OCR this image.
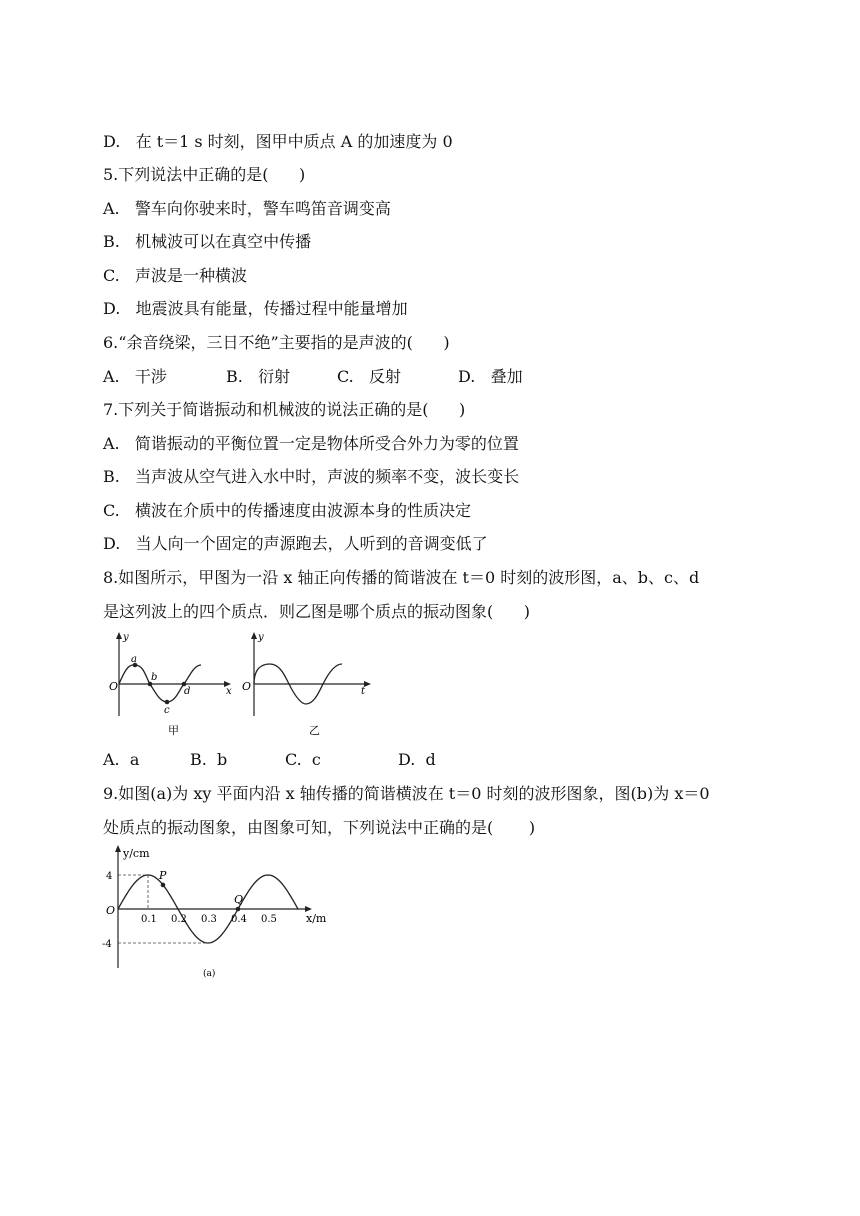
D.   在 t＝1 s 时刻，图甲中质点 A 的加速度为 0
5.下列说法中正确的是(      )
A.   警车向你驶来时，警车鸣笛音调变高
B.   机械波可以在真空中传播
C.   声波是一种横波
D.   地震波具有能量，传播过程中能量增加
6.“余音绕梁，三日不绝”主要指的是声波的(      )
A.   干涉	B.   衍射	C.   反射	D.   叠加
7.下列关于简谐振动和机械波的说法正确的是(      )
A.   简谐振动的平衡位置一定是物体所受合外力为零的位置
B.   当声波从空气进入水中时，声波的频率不变，波长变长
C.   横波在介质中的传播速度由波源本身的性质决定
D.   当人向一个固定的声源跑去，人听到的音调变低了
8.如图所示，甲图为一沿 x 轴正向传播的简谐波在 t＝0 时刻的波形图，a、b、c、d
是这列波上的四个质点．则乙图是哪个质点的振动图象(      )
y
O	x
a
b
c
d
甲
y
O	t
乙
A.  a	B.  b	C.  c	D.  d
9.如图(a)为 xy 平面内沿 x 轴传播的简谐横波在 t＝0 时刻的波形图象，图(b)为 x＝0
处质点的振动图象，由图象可知，下列说法中正确的是(       )
y/cm
x/m
O
(a)
4
-4
0.1 0.2 0.3 0.4 0.5
P
Q
